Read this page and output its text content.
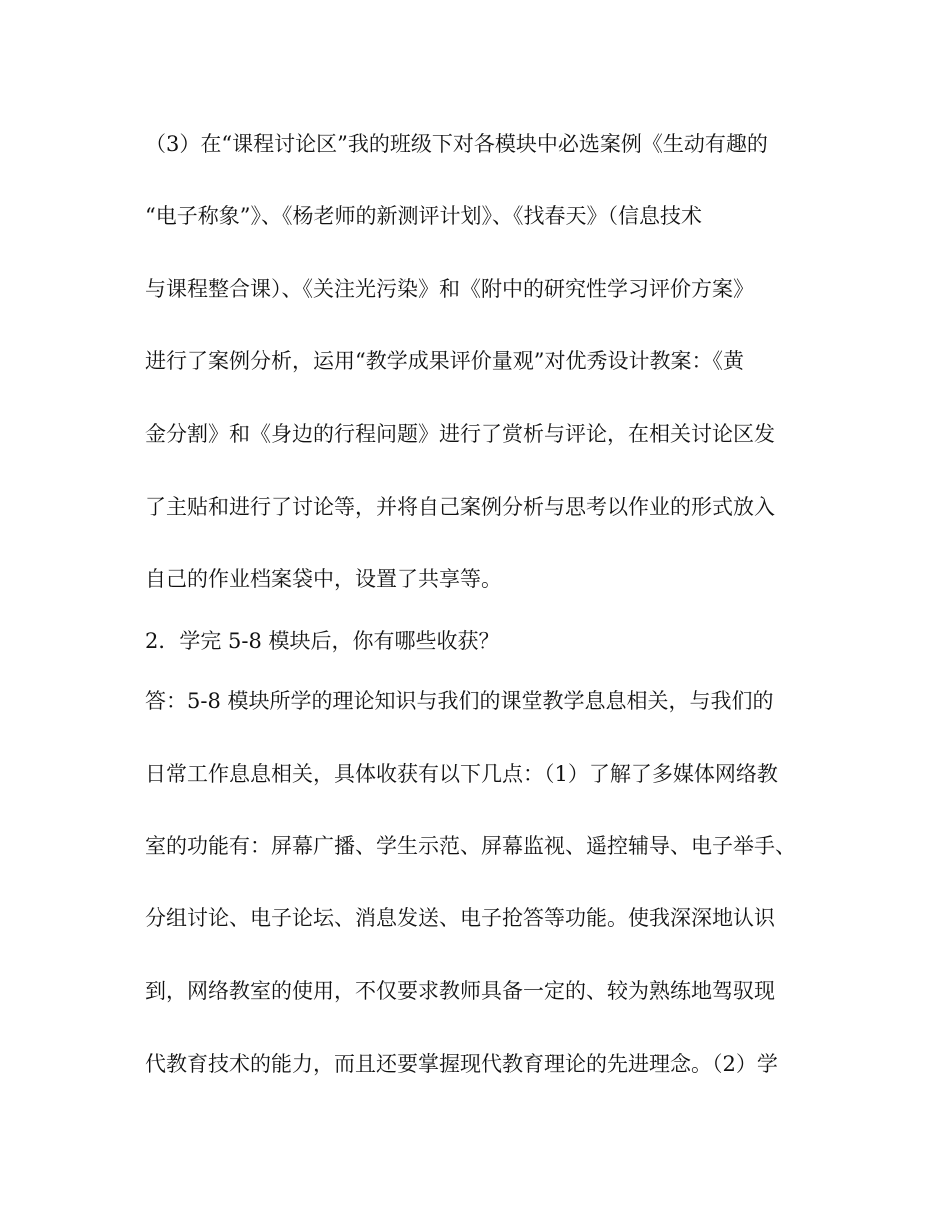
（3）在“课程讨论区”我的班级下对各模块中必选案例《生动有趣的

“电子称象”》、《杨老师的新测评计划》、《找春天》（信息技术

与课程整合课）、《关注光污染》和《附中的研究性学习评价方案》

进行了案例分析，运用“教学成果评价量观”对优秀设计教案：《黄

金分割》和《身边的行程问题》进行了赏析与评论，在相关讨论区发

了主贴和进行了讨论等，并将自己案例分析与思考以作业的形式放入

自己的作业档案袋中，设置了共享等。

2．学完 5-8 模块后，你有哪些收获？

答：5-8 模块所学的理论知识与我们的课堂教学息息相关，与我们的

日常工作息息相关，具体收获有以下几点：（1）了解了多媒体网络教

室的功能有：屏幕广播、学生示范、屏幕监视、遥控辅导、电子举手、

分组讨论、电子论坛、消息发送、电子抢答等功能。使我深深地认识

到，网络教室的使用，不仅要求教师具备一定的、较为熟练地驾驭现

代教育技术的能力，而且还要掌握现代教育理论的先进理念。（2）学
